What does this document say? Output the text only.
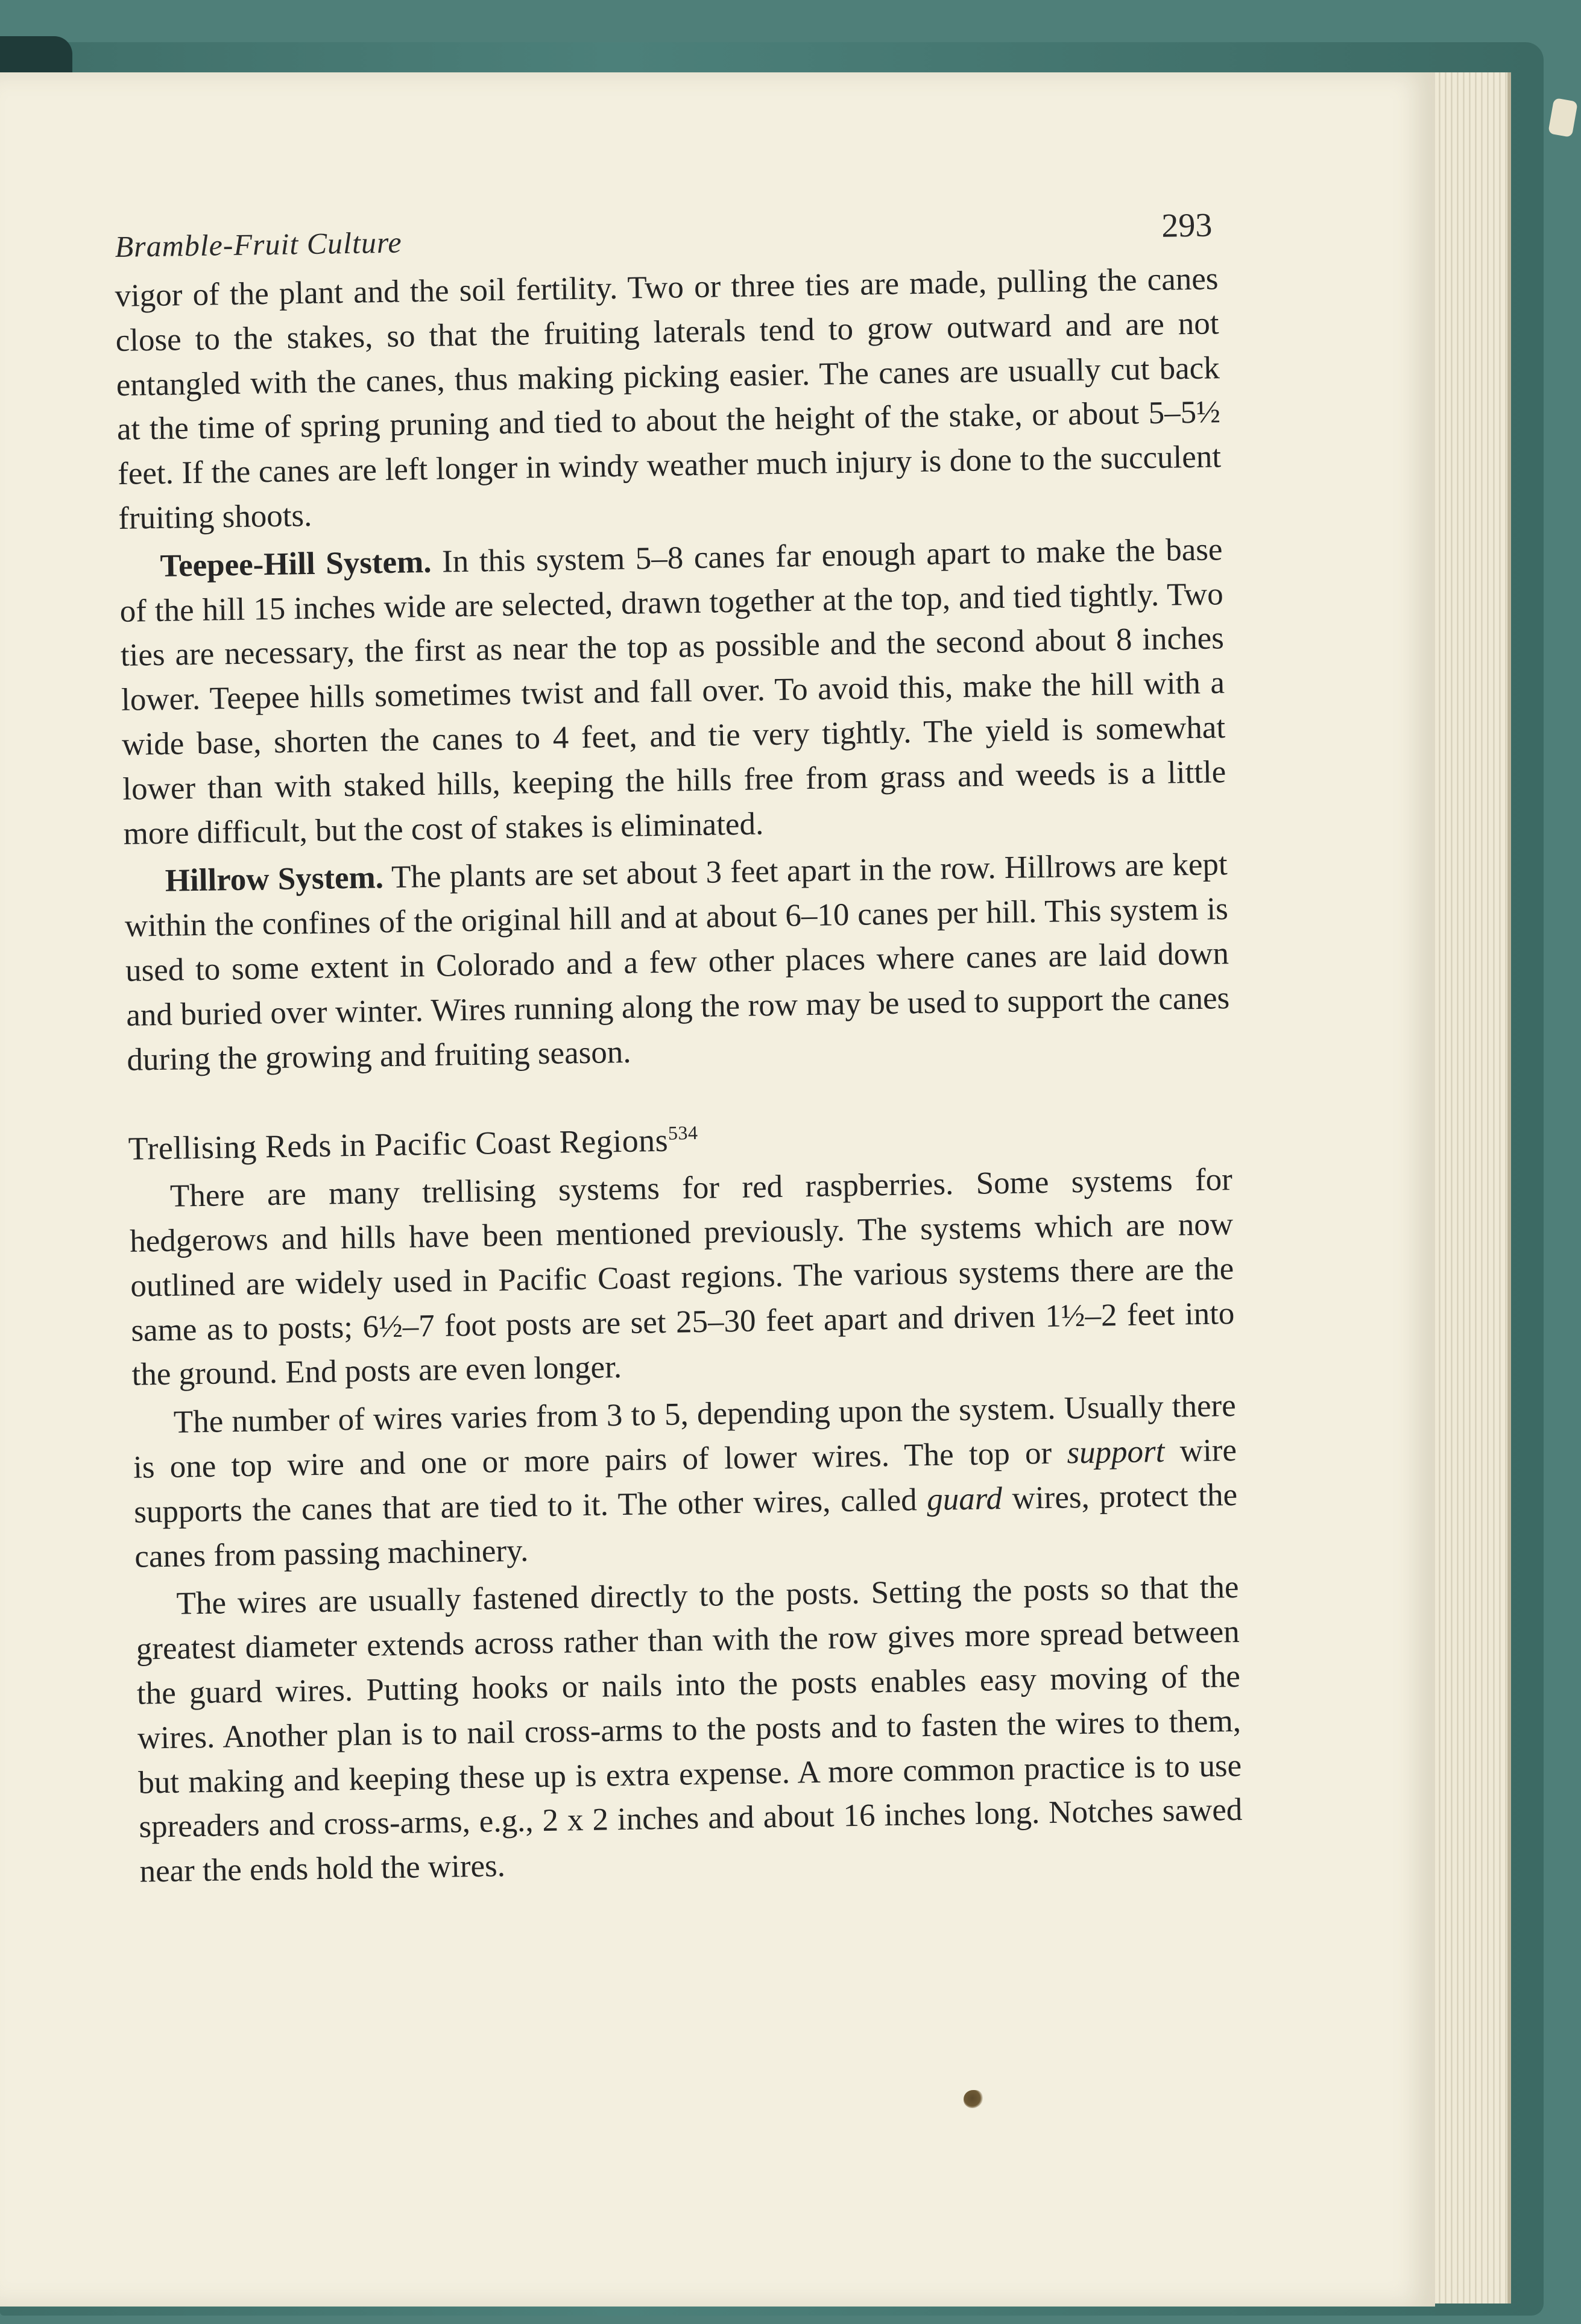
Bramble-Fruit Culture	293

vigor of the plant and the soil fertility. Two or three ties are made, pulling the canes close to the stakes, so that the fruiting laterals tend to grow outward and are not entangled with the canes, thus making picking easier. The canes are usually cut back at the time of spring pruning and tied to about the height of the stake, or about 5–5½ feet. If the canes are left longer in windy weather much injury is done to the succulent fruiting shoots.

Teepee-Hill System. In this system 5–8 canes far enough apart to make the base of the hill 15 inches wide are selected, drawn together at the top, and tied tightly. Two ties are necessary, the first as near the top as possible and the second about 8 inches lower. Teepee hills sometimes twist and fall over. To avoid this, make the hill with a wide base, shorten the canes to 4 feet, and tie very tightly. The yield is somewhat lower than with staked hills, keeping the hills free from grass and weeds is a little more difficult, but the cost of stakes is eliminated.

Hillrow System. The plants are set about 3 feet apart in the row. Hillrows are kept within the confines of the original hill and at about 6–10 canes per hill. This system is used to some extent in Colorado and a few other places where canes are laid down and buried over winter. Wires running along the row may be used to support the canes during the growing and fruiting season.

Trellising Reds in Pacific Coast Regions$^{534}$

There are many trellising systems for red raspberries. Some systems for hedgerows and hills have been mentioned previously. The systems which are now outlined are widely used in Pacific Coast regions. The various systems there are the same as to posts; 6½–7 foot posts are set 25–30 feet apart and driven 1½–2 feet into the ground. End posts are even longer.

The number of wires varies from 3 to 5, depending upon the system. Usually there is one top wire and one or more pairs of lower wires. The top or support wire supports the canes that are tied to it. The other wires, called guard wires, protect the canes from passing machinery.

The wires are usually fastened directly to the posts. Setting the posts so that the greatest diameter extends across rather than with the row gives more spread between the guard wires. Putting hooks or nails into the posts enables easy moving of the wires. Another plan is to nail cross-arms to the posts and to fasten the wires to them, but making and keeping these up is extra expense. A more common practice is to use spreaders and cross-arms, e.g., 2 x 2 inches and about 16 inches long. Notches sawed near the ends hold the wires.
